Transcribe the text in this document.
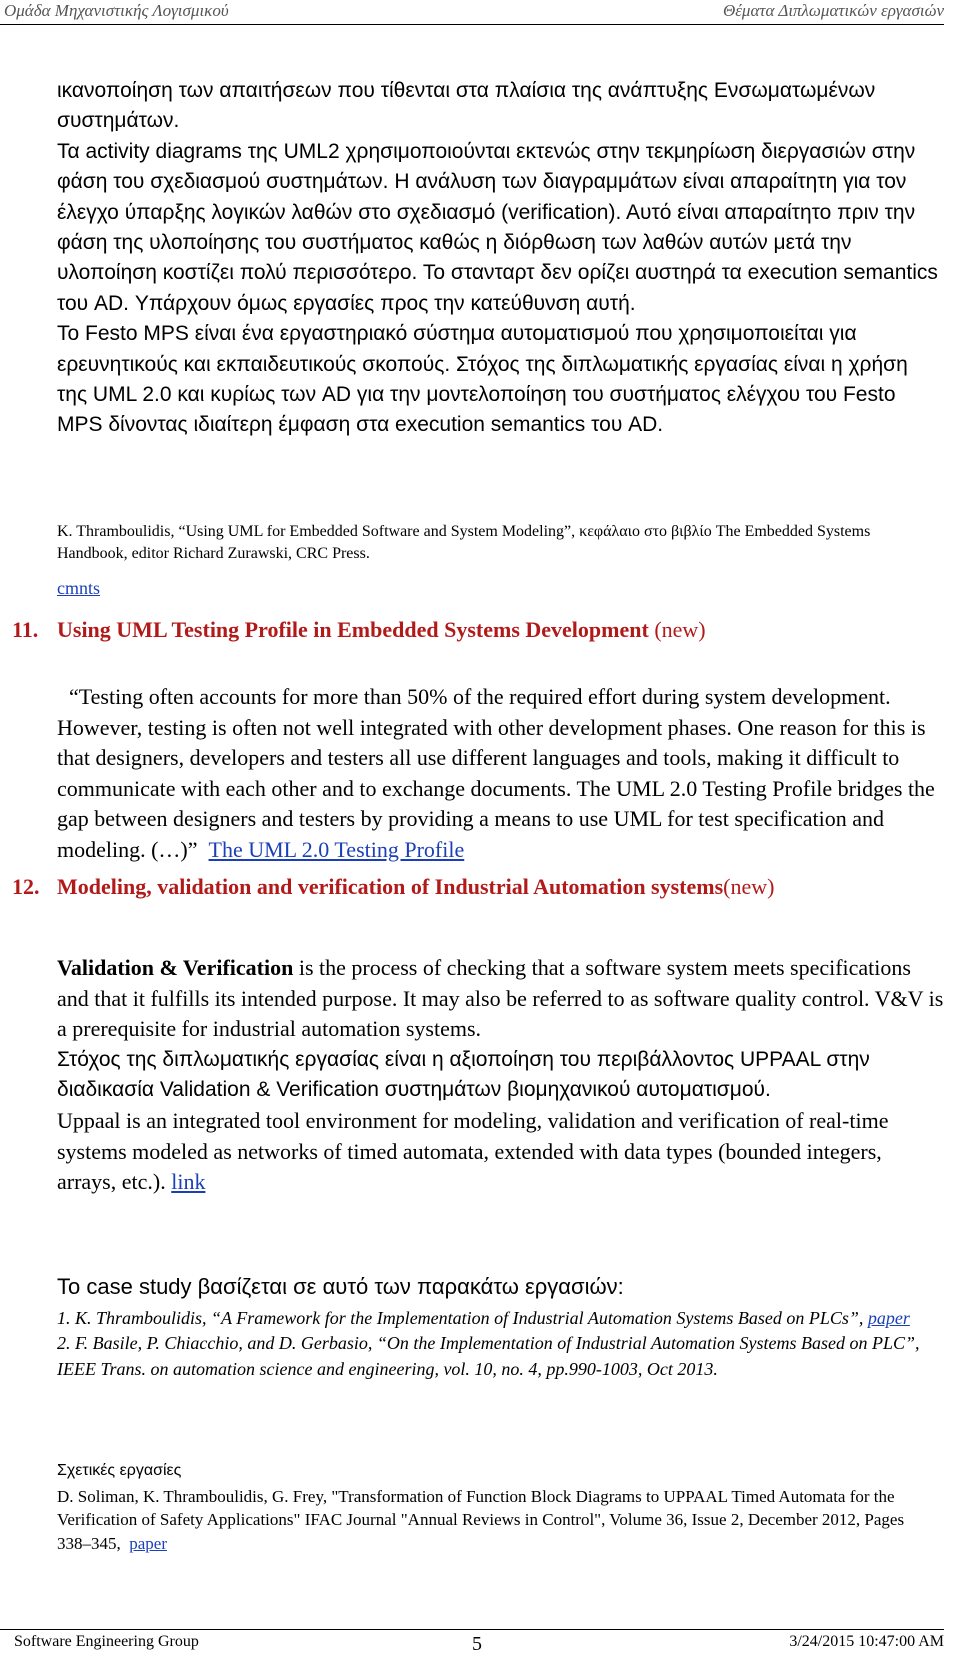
Ομάδα Μηχανιστικής Λογισμικού	Θέματα Διπλωματικών εργασιών

ικανοποίηση των απαιτήσεων που τίθενται στα πλαίσια της ανάπτυξης Ενσωματωμένων συστημάτων.

Τα activity diagrams της UML2 χρησιμοποιούνται εκτενώς στην τεκμηρίωση διεργασιών στην φάση του σχεδιασμού συστημάτων. Η ανάλυση των διαγραμμάτων είναι απαραίτητη για τον έλεγχο ύπαρξης λογικών λαθών στο σχεδιασμό (verification). Αυτό είναι απαραίτητο πριν την φάση της υλοποίησης του συστήματος καθώς η διόρθωση των λαθών αυτών μετά την υλοποίηση κοστίζει πολύ περισσότερο. Το στανταρτ δεν ορίζει αυστηρά τα execution semantics του AD. Υπάρχουν όμως εργασίες προς την κατεύθυνση αυτή.

Το Festo MPS είναι ένα εργαστηριακό σύστημα αυτοματισμού που χρησιμοποιείται για ερευνητικούς και εκπαιδευτικούς σκοπούς. Στόχος της διπλωματικής εργασίας είναι η χρήση της UML 2.0 και κυρίως των AD για την μοντελοποίηση του συστήματος ελέγχου του Festo MPS δίνοντας ιδιαίτερη έμφαση στα execution semantics του AD.

K. Thramboulidis, “Using UML for Embedded Software and System Modeling”, κεφάλαιο στο βιβλίο The Embedded Systems Handbook, editor Richard Zurawski, CRC Press.
cmnts
11. Using UML Testing Profile in Embedded Systems Development (new)

“Testing often accounts for more than 50% of the required effort during system development. However, testing is often not well integrated with other development phases. One reason for this is that designers, developers and testers all use different languages and tools, making it difficult to communicate with each other and to exchange documents. The UML 2.0 Testing Profile bridges the gap between designers and testers by providing a means to use UML for test specification and modeling. (…)” The UML 2.0 Testing Profile

12. Modeling, validation and verification of Industrial Automation systems(new)

Validation & Verification is the process of checking that a software system meets specifications and that it fulfills its intended purpose. It may also be referred to as software quality control. V&V is a prerequisite for industrial automation systems.

Στόχος της διπλωματικής εργασίας είναι η αξιοποίηση του περιβάλλοντος UPPAAL στην διαδικασία Validation & Verification συστημάτων βιομηχανικού αυτοματισμού.

Uppaal is an integrated tool environment for modeling, validation and verification of real-time systems modeled as networks of timed automata, extended with data types (bounded integers, arrays, etc.). link

Το case study βασίζεται σε αυτό των παρακάτω εργασιών:

1. K. Thramboulidis, “A Framework for the Implementation of Industrial Automation Systems Based on PLCs”, paper

2. F. Basile, P. Chiacchio, and D. Gerbasio, “On the Implementation of Industrial Automation Systems Based on PLC”, IEEE Trans. on automation science and engineering, vol. 10, no. 4, pp.990-1003, Oct 2013.

Σχετικές εργασίες
D. Soliman, K. Thramboulidis, G. Frey, "Transformation of Function Block Diagrams to UPPAAL Timed Automata for the Verification of Safety Applications" IFAC Journal "Annual Reviews in Control", Volume 36, Issue 2, December 2012, Pages 338–345, paper
Software Engineering Group	5	3/24/2015 10:47:00 AM
